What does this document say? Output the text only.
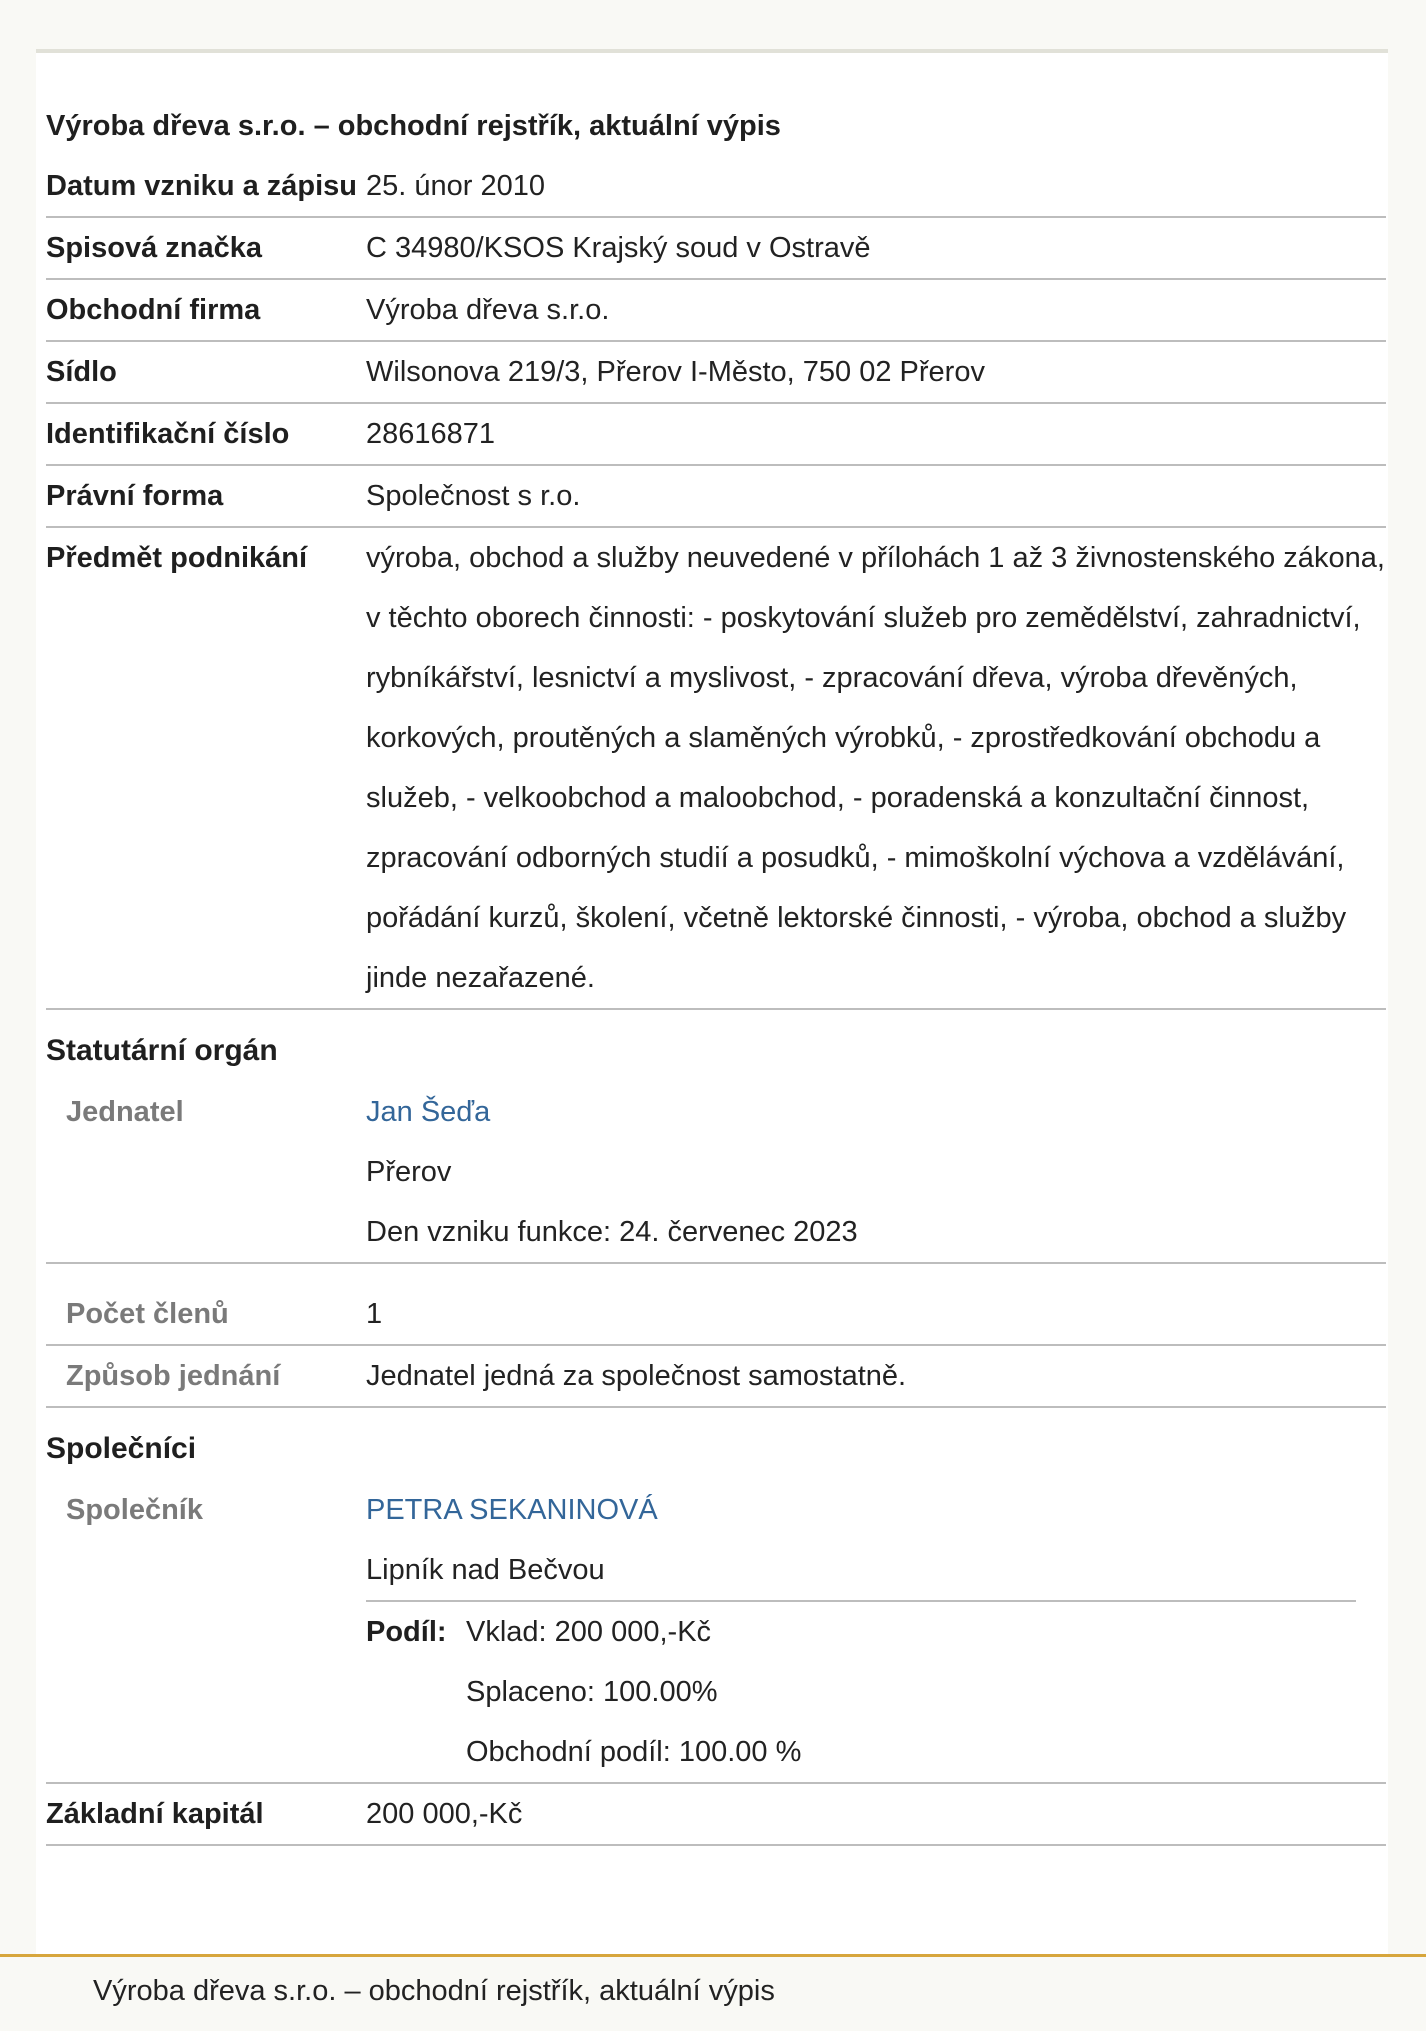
Výroba dřeva s.r.o. – obchodní rejstřík, aktuální výpis
Datum vzniku a zápisu 25. únor 2010
Spisová značka	C 34980/KSOS Krajský soud v Ostravě
Obchodní firma	Výroba dřeva s.r.o.
Sídlo	Wilsonova 219/3, Přerov I-Město, 750 02 Přerov
Identifikační číslo	28616871
Právní forma	Společnost s r.o.
Předmět podnikání	výroba, obchod a služby neuvedené v přílohách 1 až 3 živnostenského zákona, v těchto oborech činnosti: - poskytování služeb pro zemědělství, zahradnictví, rybníkářství, lesnictví a myslivost, - zpracování dřeva, výroba dřevěných, korkových, proutěných a slaměných výrobků, - zprostředkování obchodu a služeb, - velkoobchod a maloobchod, - poradenská a konzultační činnost, zpracování odborných studií a posudků, - mimoškolní výchova a vzdělávání, pořádání kurzů, školení, včetně lektorské činnosti, - výroba, obchod a služby jinde nezařazené.
Statutární orgán
Jednatel	Jan Šeďa
Přerov
Den vzniku funkce: 24. červenec 2023
Počet členů	1
Způsob jednání	Jednatel jedná za společnost samostatně.
Společníci
Společník	PETRA SEKANINOVÁ
Lipník nad Bečvou
Podíl: Vklad: 200 000,-Kč
Splaceno: 100.00%
Obchodní podíl: 100.00 %
Základní kapitál	200 000,-Kč
Výroba dřeva s.r.o. – obchodní rejstřík, aktuální výpis
